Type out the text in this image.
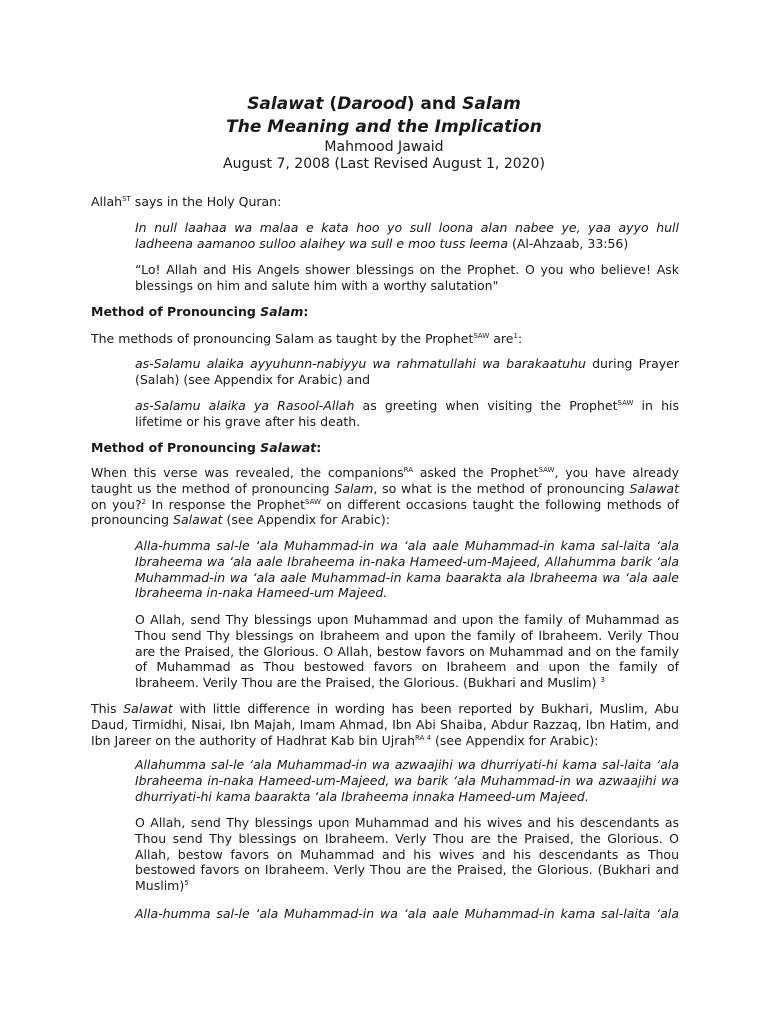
Salawat (Darood) and Salam
The Meaning and the Implication
Mahmood Jawaid
August 7, 2008 (Last Revised August 1, 2020)

Allah$^{ST}$ says in the Holy Quran:

In null laahaa wa malaa e kata hoo yo sull loona alan nabee ye, yaa ayyo hull ladheena aamanoo sulloo alaihey wa sull e moo tuss leema (Al-Ahzaab, 33:56)

“Lo! Allah and His Angels shower blessings on the Prophet. O you who believe! Ask blessings on him and salute him with a worthy salutation"

Method of Pronouncing Salam:

The methods of pronouncing Salam as taught by the Prophet$^{SAW}$ are$^1$:

as-Salamu alaika ayyuhunn-nabiyyu wa rahmatullahi wa barakaatuhu during Prayer (Salah) (see Appendix for Arabic) and

as-Salamu alaika ya Rasool-Allah as greeting when visiting the Prophet$^{SAW}$ in his lifetime or his grave after his death.

Method of Pronouncing Salawat:

When this verse was revealed, the companions$^{RA}$ asked the Prophet$^{SAW}$, you have already taught us the method of pronouncing Salam, so what is the method of pronouncing Salawat on you?$^2$ In response the Prophet$^{SAW}$ on different occasions taught the following methods of pronouncing Salawat (see Appendix for Arabic):

Alla-humma sal-le ‘ala Muhammad-in wa ‘ala aale Muhammad-in kama sal-laita ‘ala Ibraheema wa ‘ala aale Ibraheema in-naka Hameed-um-Majeed, Allahumma barik ‘ala Muhammad-in wa ‘ala aale Muhammad-in kama baarakta ala Ibraheema wa ‘ala aale Ibraheema in-naka Hameed-um Majeed.

O Allah, send Thy blessings upon Muhammad and upon the family of Muhammad as Thou send Thy blessings on Ibraheem and upon the family of Ibraheem. Verily Thou are the Praised, the Glorious. O Allah, bestow favors on Muhammad and on the family of Muhammad as Thou bestowed favors on Ibraheem and upon the family of Ibraheem. Verily Thou are the Praised, the Glorious. (Bukhari and Muslim) $^3$

This Salawat with little difference in wording has been reported by Bukhari, Muslim, Abu Daud, Tirmidhi, Nisai, Ibn Majah, Imam Ahmad, Ibn Abi Shaiba, Abdur Razzaq, Ibn Hatim, and Ibn Jareer on the authority of Hadhrat Kab bin Ujrah$^{RA 4}$ (see Appendix for Arabic):

Allahumma sal-le ‘ala Muhammad-in wa azwaajihi wa dhurriyati-hi kama sal-laita ‘ala Ibraheema in-naka Hameed-um-Majeed, wa barik ‘ala Muhammad-in wa azwaajihi wa dhurriyati-hi kama baarakta ‘ala Ibraheema innaka Hameed-um Majeed.

O Allah, send Thy blessings upon Muhammad and his wives and his descendants as Thou send Thy blessings on Ibraheem. Verly Thou are the Praised, the Glorious. O Allah, bestow favors on Muhammad and his wives and his descendants as Thou bestowed favors on Ibraheem. Verly Thou are the Praised, the Glorious. (Bukhari and Muslim)$^5$

Alla-humma sal-le ‘ala Muhammad-in wa ‘ala aale Muhammad-in kama sal-laita ‘ala
